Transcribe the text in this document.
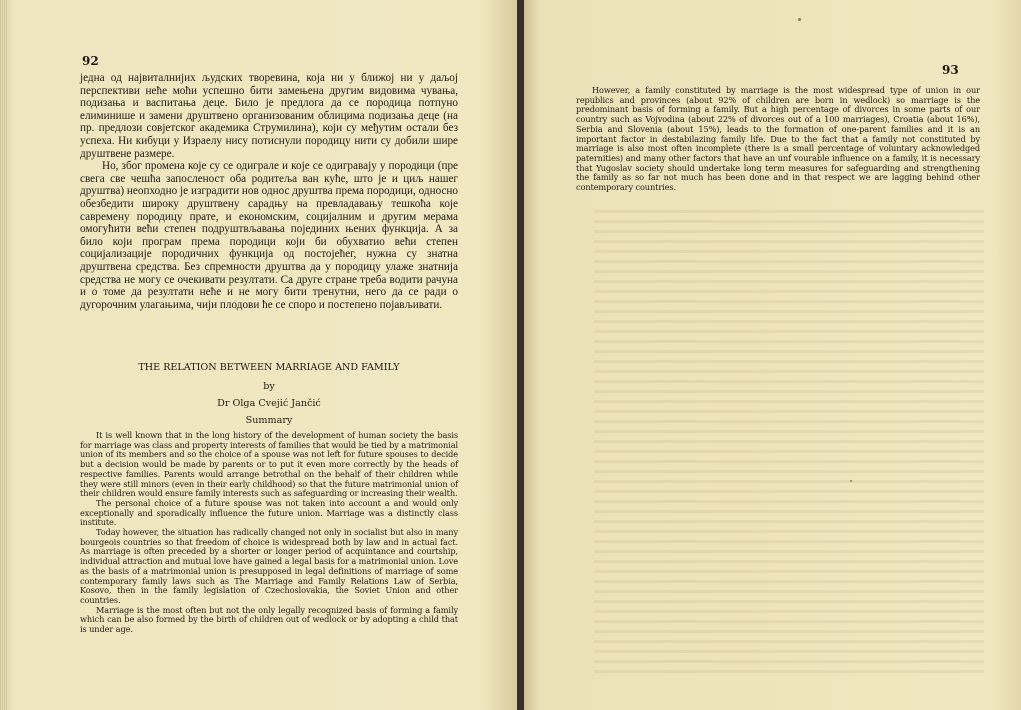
92

једна од највиталнијих људских творевина, која ни у ближој ни у даљој перспективи неће моћи успешно бити замењена другим видовима чувања, подизања и васпитања деце. Било је предлога да се породица потпуно елиминише и замени друштвено организованим облицима подизања деце (на пр. предлози совјетског академика Струмилина), који су међутим остали без успеха. Ни кибуци у Израелу нису потиснули породицу нити су добили шире друштвене размере.

Но, због промена које су се одиграле и које се одигравају у породици (пре свега све чешћа запосленост оба родитеља ван куће, што је и циљ нашег друштва) неопходно је изградити нов однос друштва према породици, односно обезбедити широку друштвену сарадњу на превладавању тешкоћа које савремену породицу прате, и економским, социјалним и другим мерама омогућити већи степен подруштвљавања појединих њених функција. А за било који програм према породици који би обухватио већи степен социјализације породичних функција од постојећег, нужна су знатна друштвена средства. Без спремности друштва да у породицу улаже знатнија средства не могу се очекивати резултати. Са друге стране треба водити рачуна и о томе да резултати неће и не могу бити тренутни, него да се ради о дугорочним улагањима, чији плодови ће се споро и постепено појављивати.

THE RELATION BETWEEN MARRIAGE AND FAMILY
by
Dr Olga Cvejić Jančić
Summary

It is well known that in the long history of the development of human society the basis for marriage was class and property interests of families that would be tied by a matrimonial union of its members and so the choice of a spouse was not left for future spouses to decide but a decision would be made by parents or to put it even more correctly by the heads of respective families. Parents would arrange betrothal on the behalf of their children while they were still minors (even in their early childhood) so that the future matrimonial union of their children would ensure family interests such as safeguarding or increasing their wealth.

The personal choice of a future spouse was not taken into account a and would only exceptionally and sporadically influence the future union. Marriage was a distinctly class institute.

Today however, the situation has radically changed not only in socialist but also in many bourgeois countries so that freedom of choice is widespread both by law and in actual fact. As marriage is often preceded by a shorter or longer period of acquintance and courtship, individual attraction and mutual love have gained a legal basis for a matrimonial union. Love as the basis of a matrimonial union is presupposed in legal definitions of marriage of some contemporary family laws such as The Marriage and Family Relations Law of Serbia, Kosovo, then in the family legislation of Czechoslovakia, the Soviet Union and other countries.

Marriage is the most often but not the only legally recognized basis of forming a family which can be also formed by the birth of children out of wedlock or by adopting a child that is under age.

93

However, a family constituted by marriage is the most widespread type of union in our republics and provinces (about 92% of children are born in wedlock) so marriage is the predominant basis of forming a family. But a high percentage of divorces in some parts of our country such as Vojvodina (about 22% of divorces out of a 100 marriages), Croatia (about 16%), Serbia and Slovenia (about 15%), leads to the formation of one-parent families and it is an important factor in destabilazing family life. Due to the fact that a family not constituted by marriage is also most often incomplete (there is a small percentage of voluntary acknowledged paternities) and many other factors that have an unf vourable influence on a family, it is necessary that Yugoslav society should undertake long term measures for safeguarding and strengthening the family as so far not much has been done and in that respect we are lagging behind other contemporary countries.
